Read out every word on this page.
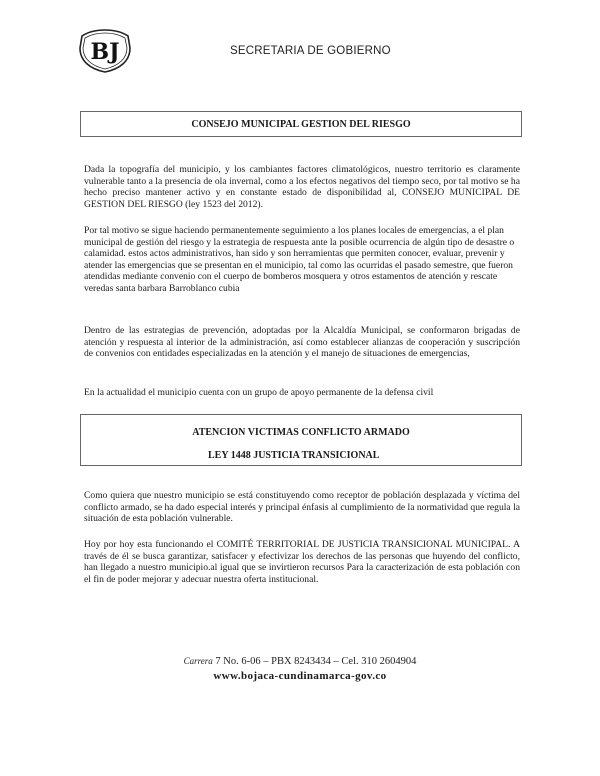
BJ	SECRETARIA DE GOBIERNO
CONSEJO MUNICIPAL GESTION DEL RIESGO

Dada la topografía del municipio, y los cambiantes factores climatológicos, nuestro territorio es claramente vulnerable tanto a la presencia de ola invernal, como a los efectos negativos del tiempo seco, por tal motivo se ha hecho preciso mantener activo y en constante estado de disponibilidad al, CONSEJO MUNICIPAL DE GESTION DEL RIESGO (ley 1523 del 2012).

Por tal motivo se sigue haciendo permanentemente seguimiento a los planes locales de emergencias, a el plan municipal de gestión del riesgo y la estrategia de respuesta ante la posible ocurrencia de algún tipo de desastre o calamidad. estos actos administrativos, han sido y son herramientas que permiten conocer, evaluar, prevenir y atender las emergencias que se presentan en el municipio, tal como las ocurridas el pasado semestre, que fueron atendidas mediante convenio con el cuerpo de bomberos mosquera y otros estamentos de atención y rescate veredas santa barbara Barroblanco cubia

Dentro de las estrategias de prevención, adoptadas por la Alcaldía Municipal, se conformaron brigadas de atención y respuesta al interior de la administración, así como establecer alianzas de cooperación y suscripción de convenios con entidades especializadas en la atención y el manejo de situaciones de emergencias,

En la actualidad el municipio cuenta con un grupo de apoyo permanente de la defensa civil

ATENCION VICTIMAS CONFLICTO ARMADO
LEY 1448 JUSTICIA TRANSICIONAL

Como quiera que nuestro municipio se está constituyendo como receptor de población desplazada y víctima del conflicto armado, se ha dado especial interés y principal énfasis al cumplimiento de la normatividad que regula la situación de esta población vulnerable.

Hoy por hoy esta funcionando el COMITÉ TERRITORIAL DE JUSTICIA TRANSICIONAL MUNICIPAL. A través de él se busca garantizar, satisfacer y efectivizar los derechos de las personas que huyendo del conflicto, han llegado a nuestro municipio.al igual que se invirtieron recursos Para la caracterización de esta población con el fin de poder mejorar y adecuar nuestra oferta institucional.

Carrera 7 No. 6-06 – PBX 8243434 – Cel. 310 2604904
www.bojaca-cundinamarca-gov.co
